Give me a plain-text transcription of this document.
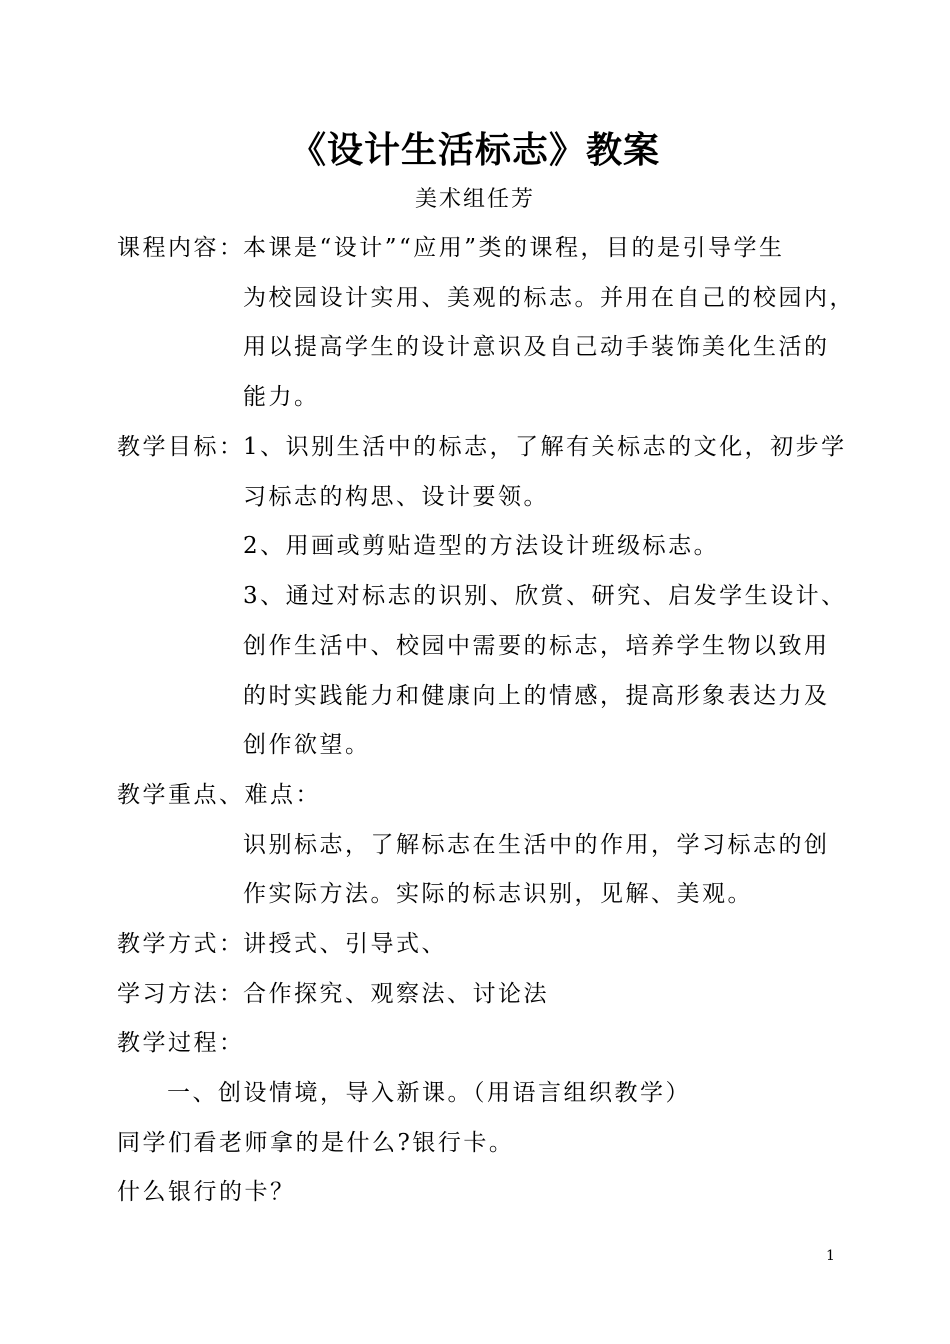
《设计生活标志》教案
美术组任芳
课程内容：
本课是“设计”“应用”类的课程，目的是引导学生
为校园设计实用、美观的标志。并用在自己的校园内，
用以提高学生的设计意识及自己动手装饰美化生活的
能力。
教学目标：
1、识别生活中的标志，了解有关标志的文化，初步学
习标志的构思、设计要领。
2、用画或剪贴造型的方法设计班级标志。
3、通过对标志的识别、欣赏、研究、启发学生设计、
创作生活中、校园中需要的标志，培养学生物以致用
的时实践能力和健康向上的情感，提高形象表达力及
创作欲望。
教学重点、难点：
识别标志，了解标志在生活中的作用，学习标志的创
作实际方法。实际的标志识别，见解、美观。
教学方式：
讲授式、引导式、
学习方法：
合作探究、观察法、讨论法
教学过程：
一、创设情境，导入新课。（用语言组织教学）
同学们看老师拿的是什么?银行卡。
什么银行的卡？
1
